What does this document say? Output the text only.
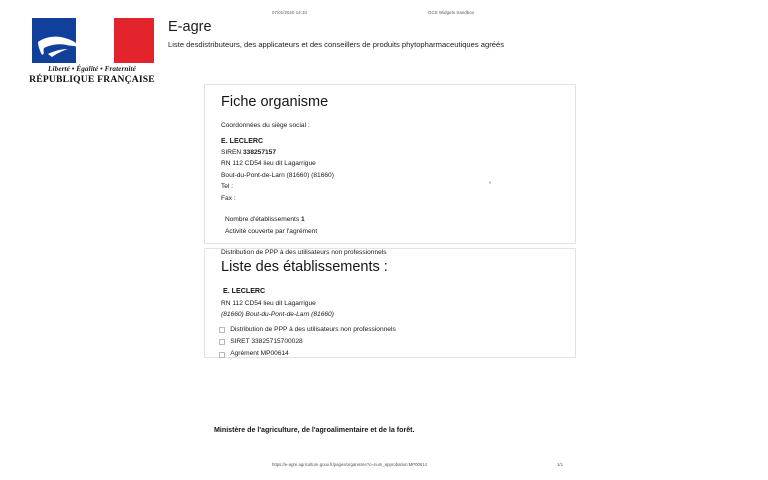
07/01/2020 14:34	OCS Widgets Sandbox
Liberté • Égalité • Fraternité
RÉPUBLIQUE FRANÇAISE
E-agre

Liste desdistributeurs, des applicateurs et des conseillers de produits phytopharmaceutiques agréés

Fiche organisme

Coordonnées du siège social :

E. LECLERC

SIREN 338257157

RN 112 CD54 lieu dit Lagarrigue

Bout-du-Pont-de-Larn (81660) (81660)

Tel :	°

Fax :

Nombre d'établissements 1

Activité couverte par l'agrément

Distribution de PPP à des utilisateurs non professionnels

Liste des établissements :

E. LECLERC

RN 112 CD54 lieu dit Lagarrigue

(81660) Bout-du-Pont-de-Larn (81660)

Distribution de PPP à des utilisateurs non professionnels
SIRET 33825715700028
Agrément MP00614
Ministère de l'agriculture, de l'agroalimentaire et de la forêt.
https://e-agre.agriculture.gouv.fr/pages/organisme?o=num_approbation:MP00614	1/1
